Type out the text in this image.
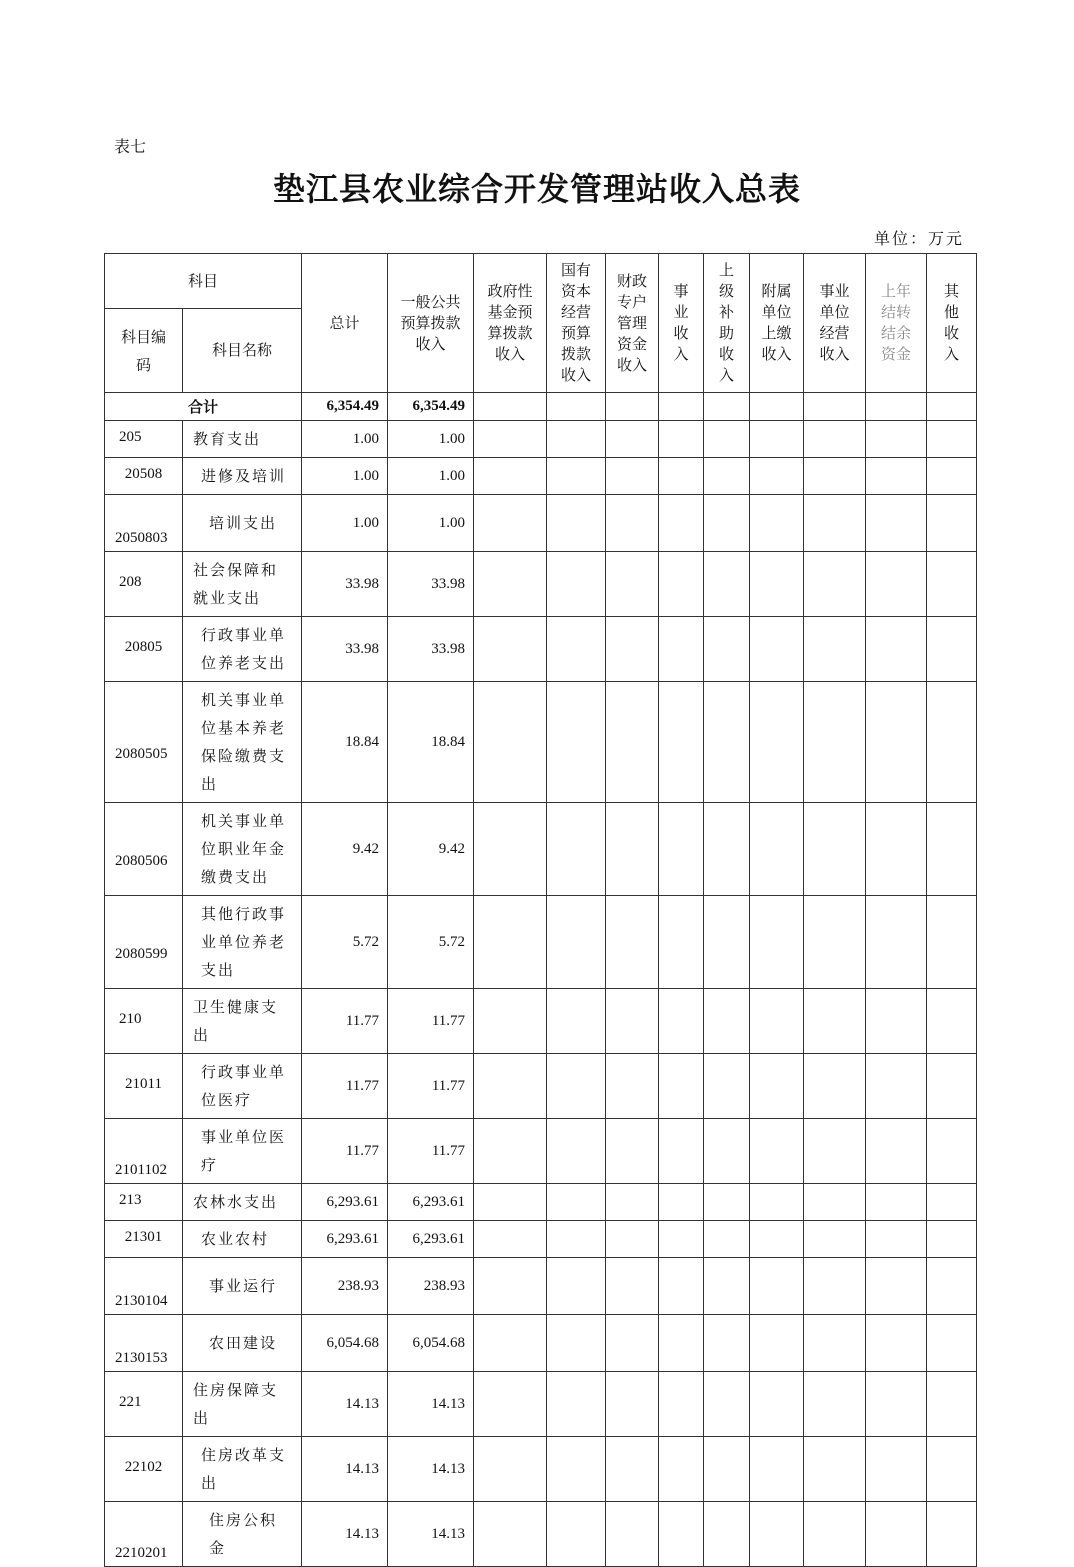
表七
垫江县农业综合开发管理站收入总表
单位：万元
科目		总计	一般公共预算拨款收入	政府性基金预算拨款收入	国有资本经营预算拨款收入	财政专户管理资金收入	事业收入	上级补助收入	附属单位上缴收入	事业单位经营收入	上年结转结余资金	其他收入

科目编码	科目名称											
合计		6,354.49	6,354.49									
205	教育支出	1.00	1.00									
20508	进修及培训	1.00	1.00									
2050803	培训支出	1.00	1.00									
208	社会保障和就业支出	33.98	33.98									
20805	行政事业单位养老支出	33.98	33.98									
2080505	机关事业单位基本养老保险缴费支出	18.84	18.84									
2080506	机关事业单位职业年金缴费支出	9.42	9.42									
2080599	其他行政事业单位养老支出	5.72	5.72									
210	卫生健康支出	11.77	11.77									
21011	行政事业单位医疗	11.77	11.77									
2101102	事业单位医疗	11.77	11.77									
213	农林水支出	6,293.61	6,293.61									
21301	农业农村	6,293.61	6,293.61									
2130104	事业运行	238.93	238.93									
2130153	农田建设	6,054.68	6,054.68									
221	住房保障支出	14.13	14.13									
22102	住房改革支出	14.13	14.13									
2210201	住房公积金	14.13	14.13									
